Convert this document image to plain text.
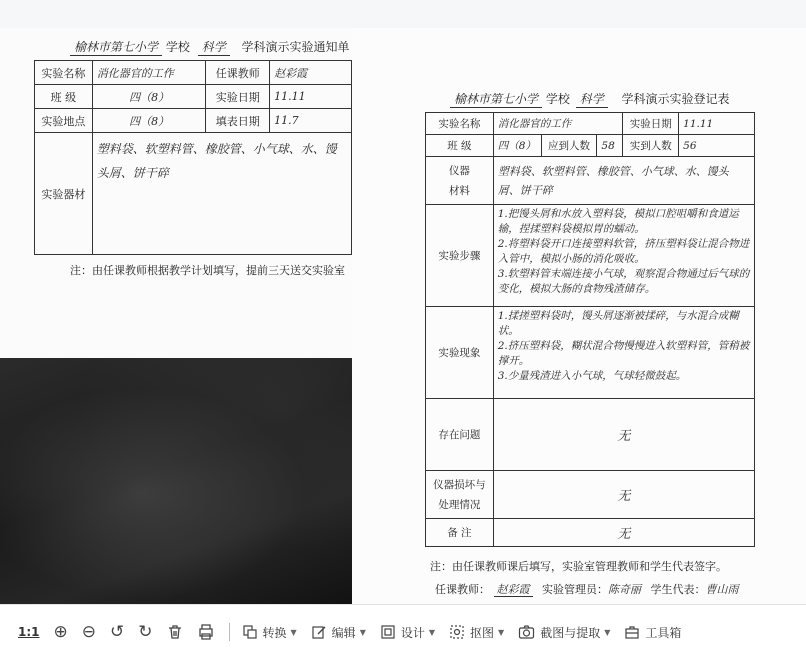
榆林市第七小学 学校 科学 学科演示实验通知单
实验名称	消化器官的工作	任课教师	赵彩霞
班 级	四（8）	实验日期	11.11
实验地点	四（8）	填表日期	11.7
实验器材	塑料袋、软塑料管、橡胶管、小气球、水、馒头屑、饼干碎		
注：由任课教师根据教学计划填写，提前三天送交实验室
榆林市第七小学 学校 科学 学科演示实验登记表
实验名称	消化器官的工作			实验日期	11.11
班 级	四（8）	应到人数	58	实到人数	56
仪器
材料	塑料袋、软塑料管、橡胶管、小气球、水、馒头屑、饼干碎				
实验步骤	1.把馒头屑和水放入塑料袋，模拟口腔咀嚼和食道运输，捏揉塑料袋模拟胃的蠕动。
2.将塑料袋开口连接塑料软管，挤压塑料袋让混合物进入管中，模拟小肠的消化吸收。
3.软塑料管末端连接小气球，观察混合物通过后气球的变化，模拟大肠的食物残渣储存。				

实验现象	1.揉搓塑料袋时，馒头屑逐渐被揉碎，与水混合成糊状。
2.挤压塑料袋，糊状混合物慢慢进入软塑料管，管稍被撑开。
3.少量残渣进入小气球，气球轻微鼓起。				

存在问题	无				
仪器损坏与
处理情况	无				
备 注	无				
注：由任课教师课后填写，实验室管理教师和学生代表签字。
任课教师： 赵彩霞 实验管理员：陈奇丽 学生代表：曹山雨
1:1 ⊕ ⊖ ↺ ↻	转换 ▼	编辑 ▼	设计 ▼	抠图 ▼	截图与提取 ▼	工具箱
